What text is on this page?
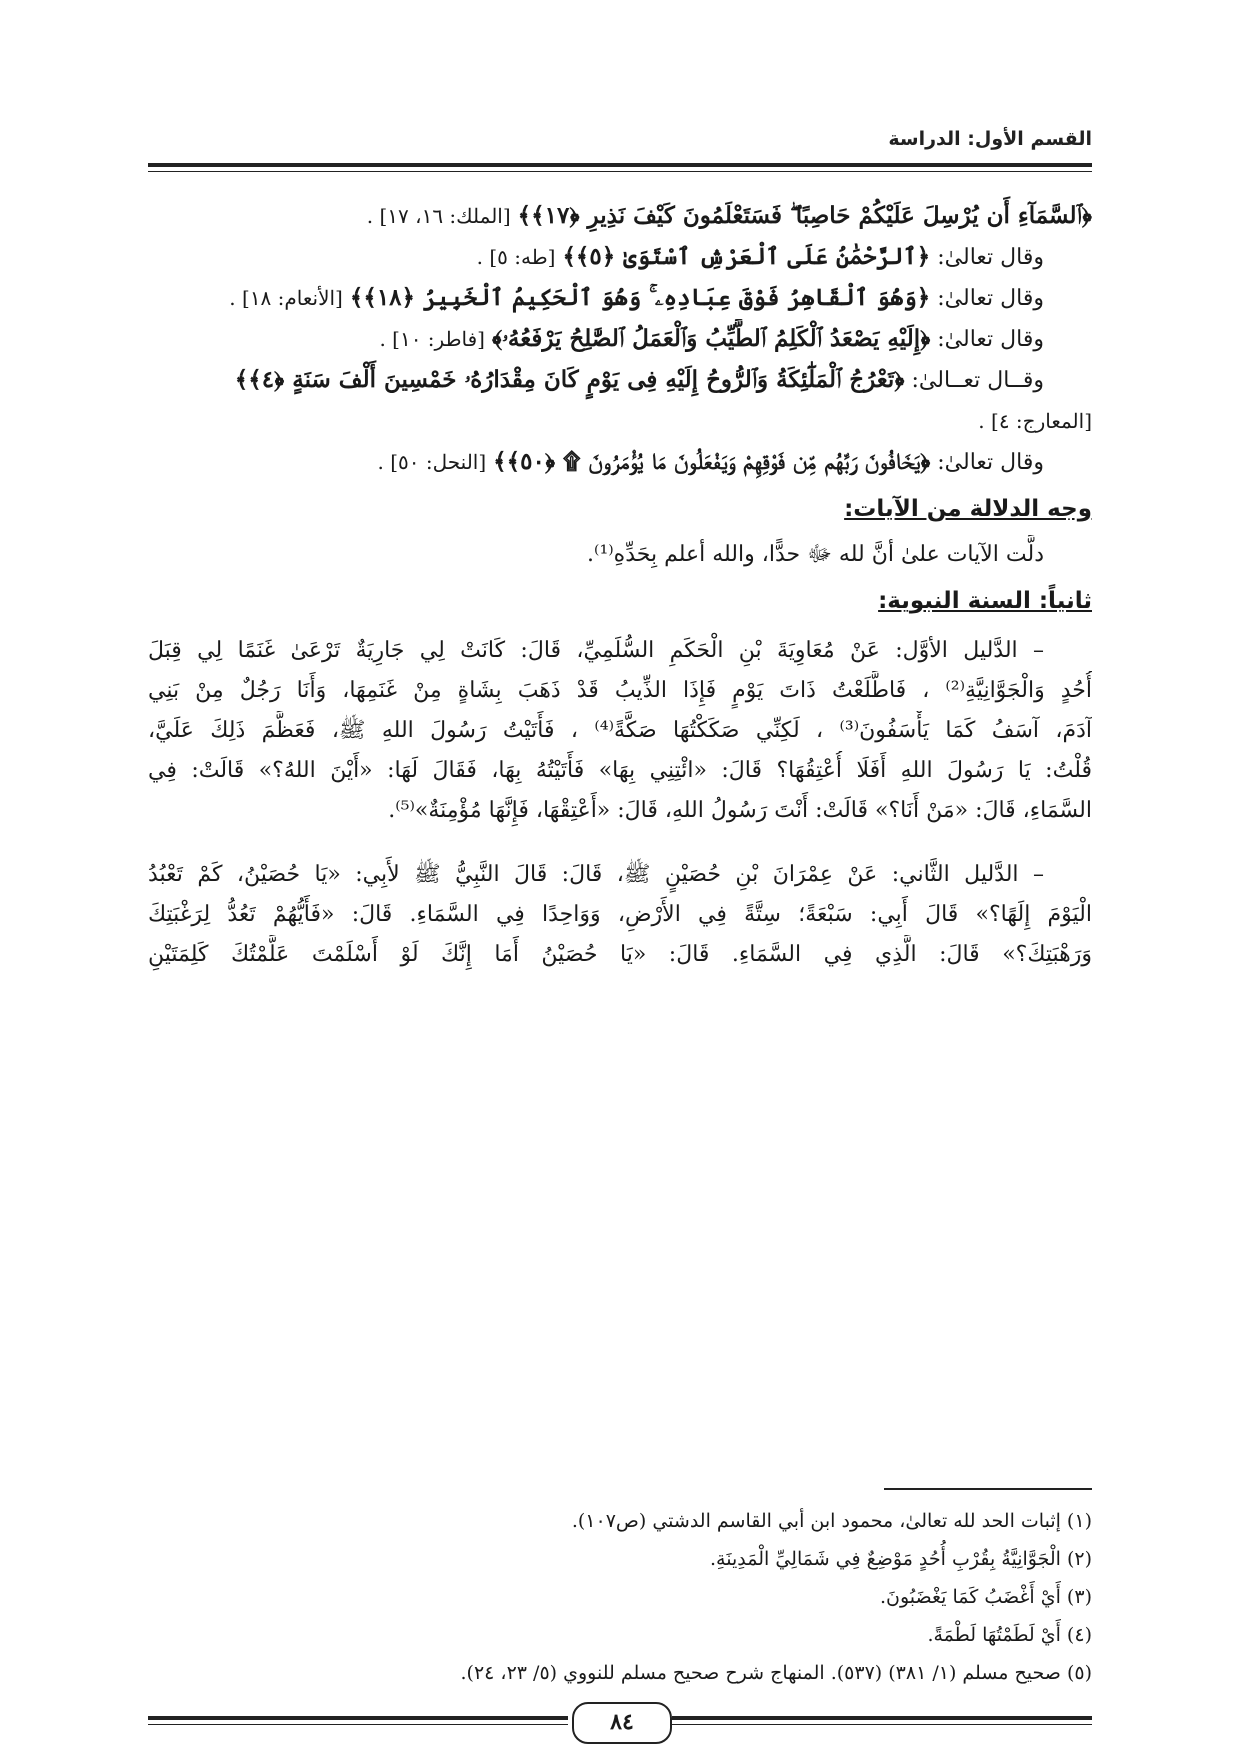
القسم الأول: الدراسة
﴿ٱلسَّمَآءِ أَن يُرْسِلَ عَلَيْكُمْ حَاصِبًا ۖ فَسَتَعْلَمُونَ كَيْفَ نَذِيرِ ﴿١٧﴾﴾ [الملك: ١٦، ١٧] .
وقال تعالىٰ: ﴿ٱلرَّحْمَٰنُ عَلَى ٱلْعَرْشِ ٱسْتَوَىٰ ﴿٥﴾﴾ [طه: ٥] .
وقال تعالىٰ: ﴿وَهُوَ ٱلْقَاهِرُ فَوْقَ عِبَادِهِۦ ۚ وَهُوَ ٱلْحَكِيمُ ٱلْخَبِيرُ ﴿١٨﴾﴾ [الأنعام: ١٨] .
وقال تعالىٰ: ﴿إِلَيْهِ يَصْعَدُ ٱلْكَلِمُ ٱلطَّيِّبُ وَٱلْعَمَلُ ٱلصَّٰلِحُ يَرْفَعُهُۥ﴾ [فاطر: ١٠] .
وقــال تعــالىٰ: ﴿تَعْرُجُ ٱلْمَلَٰٓئِكَةُ وَٱلرُّوحُ إِلَيْهِ فِى يَوْمٍ كَانَ مِقْدَارُهُۥ خَمْسِينَ أَلْفَ سَنَةٍ ﴿٤﴾﴾
[المعارج: ٤] .
وقال تعالىٰ: ﴿يَخَافُونَ رَبَّهُم مِّن فَوْقِهِمْ وَيَفْعَلُونَ مَا يُؤْمَرُونَ ۩ ﴿٥٠﴾﴾ [النحل: ٥٠] .
وجه الدلالة من الآيات:
دلَّت الآيات علىٰ أنَّ لله ﷻ حدًّا، والله أعلم بِحَدِّهِ⁽¹⁾.
ثانياً: السنة النبوية:
– الدَّليل الأوَّل: عَنْ مُعَاوِيَةَ بْنِ الْحَكَمِ السُّلَمِيِّ، قَالَ: كَانَتْ لِي جَارِيَةٌ تَرْعَىٰ غَنَمًا لِي قِبَلَ
أُحُدٍ وَالْجَوَّانِيَّةِ⁽²⁾ ، فَاطَّلَعْتُ ذَاتَ يَوْمٍ فَإِذَا الذِّيبُ قَدْ ذَهَبَ بِشَاةٍ مِنْ غَنَمِهَا، وَأَنَا رَجُلٌ مِنْ بَنِي
آدَمَ، آسَفُ كَمَا يَأْسَفُونَ⁽³⁾ ، لَكِنِّي صَكَكْتُهَا صَكَّةً⁽⁴⁾ ، فَأَتَيْتُ رَسُولَ اللهِ ﷺ، فَعَظَّمَ ذَلِكَ عَلَيَّ،
قُلْتُ: يَا رَسُولَ اللهِ أَفَلَا أُعْتِقُهَا؟ قَالَ: «ائْتِنِي بِهَا» فَأَتَيْتُهُ بِهَا، فَقَالَ لَهَا: «أَيْنَ اللهُ؟» قَالَتْ: فِي
السَّمَاءِ، قَالَ: «مَنْ أَنَا؟» قَالَتْ: أَنْتَ رَسُولُ اللهِ، قَالَ: «أَعْتِقْهَا، فَإِنَّهَا مُؤْمِنَةٌ»⁽⁵⁾.
– الدَّليل الثَّاني: عَنْ عِمْرَانَ بْنِ حُصَيْنٍ ﷺ، قَالَ: قَالَ النَّبِيُّ ﷺ لأَبِي: «يَا حُصَيْنُ، كَمْ تَعْبُدُ
الْيَوْمَ إِلَهًا؟» قَالَ أَبِي: سَبْعَةً؛ سِتَّةً فِي الأَرْضِ، وَوَاحِدًا فِي السَّمَاءِ. قَالَ: «فَأَيُّهُمْ تَعُدُّ لِرَغْبَتِكَ
وَرَهْبَتِكَ؟» قَالَ: الَّذِي فِي السَّمَاءِ. قَالَ: «يَا حُصَيْنُ أَمَا إِنَّكَ لَوْ أَسْلَمْتَ عَلَّمْتُكَ كَلِمَتَيْنِ
(١) إثبات الحد لله تعالىٰ، محمود ابن أبي القاسم الدشتي (ص١٠٧).
(٢) الْجَوَّانِيَّةُ بِقُرْبِ أُحُدٍ مَوْضِعٌ فِي شَمَالِيِّ الْمَدِينَةِ.
(٣) أَيْ أَغْضَبُ كَمَا يَغْضَبُونَ.
(٤) أَيْ لَطَمْتُهَا لَطْمَةً.
(٥) صحيح مسلم (١/ ٣٨١) (٥٣٧). المنهاج شرح صحيح مسلم للنووي (٥/ ٢٣، ٢٤).
٨٤
